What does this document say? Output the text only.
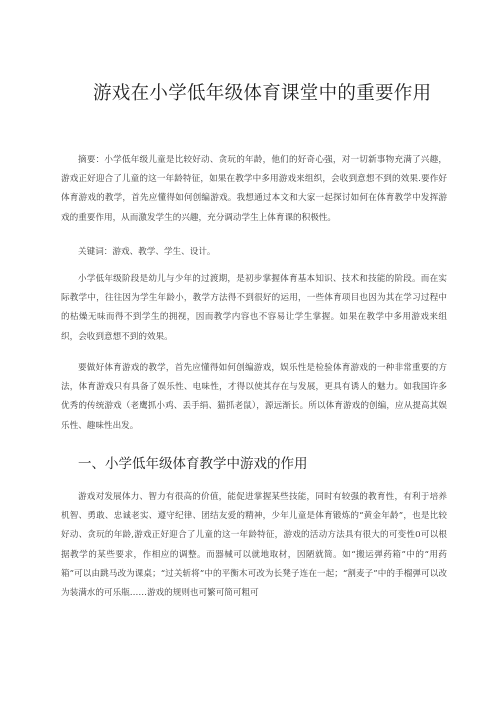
游戏在小学低年级体育课堂中的重要作用

摘要：小学低年级儿童是比较好动、贪玩的年龄，他们的好奇心强，对一切新事物充满了兴趣，游戏正好迎合了儿童的这一年龄特征，如果在教学中多用游戏来组织，会收到意想不到的效果.要作好体育游戏的教学，首先应懂得如何创编游戏。我想通过本文和大家一起探讨如何在体育教学中发挥游戏的重要作用，从而激发学生的兴趣，充分调动学生上体育课的积极性。

关键词：游戏、教学、学生、设计。

小学低年级阶段是幼儿与少年的过渡期，是初步掌握体育基本知识、技术和技能的阶段。而在实际教学中，往往因为学生年龄小，教学方法得不到很好的运用，一些体育项目也因为其在学习过程中的枯燥无味而得不到学生的拥视，因而教学内容也不容易让学生掌握。如果在教学中多用游戏来组织，会收到意想不到的效果。

要做好体育游戏的教学，首先应懂得如何创编游戏，娱乐性是检验体育游戏的一种非常重要的方法，体育游戏只有具备了娱乐性、电味性，才得以使其存在与发展，更具有诱人的魅力。如我国许多优秀的传统游戏（老鹰抓小鸡、丢手绢、猫抓老鼠），源远渐长。所以体育游戏的创编，应从提高其娱乐性、趣味性出发。

一、小学低年级体育教学中游戏的作用

游戏对发展体力、智力有很高的价值，能促进掌握某些技能，同时有较强的教育性，有利于培养机智、勇敢、忠诚老实、遵守纪律、团结友爱的精神，少年儿童是体育锻炼的“黄金年龄”，也是比较好动、贪玩的年龄,游戏正好迎合了儿童的这一年龄特征，游戏的活动方法具有很大的可变性0可以根据教学的某些要求，作相应的调整。而器械可以就地取材，因陋就简。如“搬运弹药箱”中的“用药箱”可以由跳马改为课桌；“过关斩将”中的平衡木可改为长凳子连在一起；“割麦子”中的手榴弹可以改为装满水的可乐瓶……游戏的规则也可繁可简可粗可
